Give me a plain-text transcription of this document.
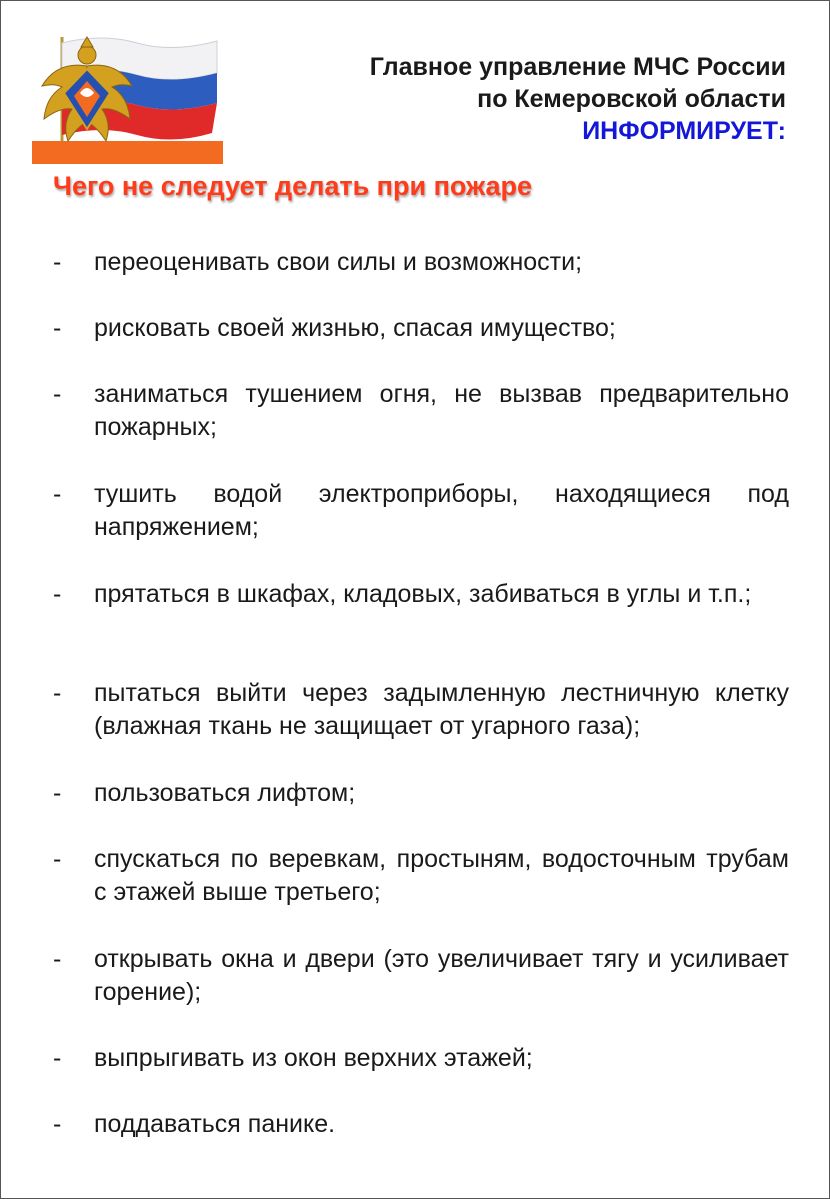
Главное управление МЧС России
по Кемеровской области
ИНФОРМИРУЕТ:
Чего не следует делать при пожаре
- переоценивать свои силы и возможности;
- рисковать своей жизнью, спасая имущество;
- заниматься тушением огня, не вызвав предварительно пожарных;
- тушить водой электроприборы, находящиеся под напряжением;
- прятаться в шкафах, кладовых, забиваться в углы и т.п.;
- пытаться выйти через задымленную лестничную клетку (влажная ткань не защищает от угарного газа);
- пользоваться лифтом;
- спускаться по веревкам, простыням, водосточным трубам с этажей выше третьего;
- открывать окна и двери (это увеличивает тягу и усиливает горение);
- выпрыгивать из окон верхних этажей;
- поддаваться панике.
